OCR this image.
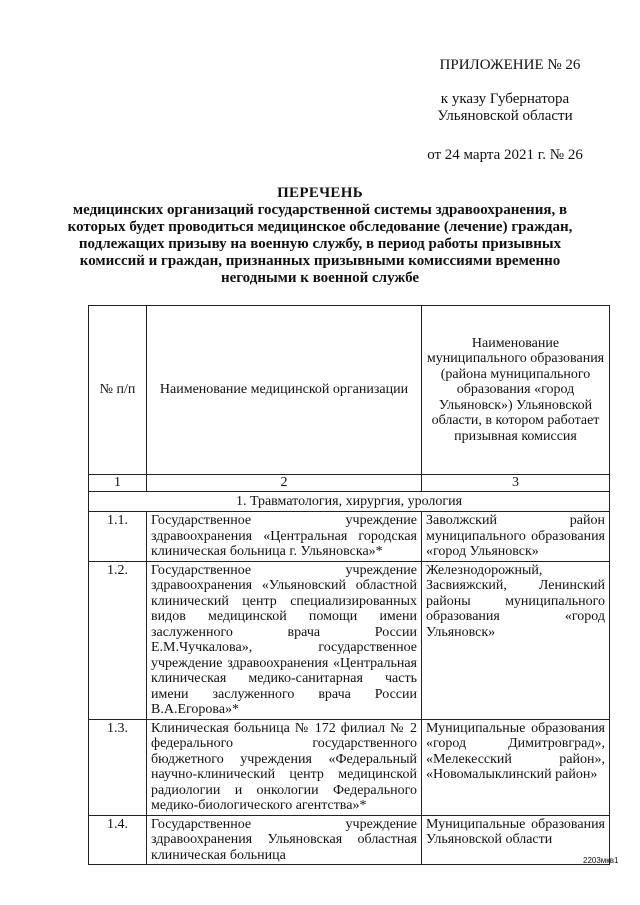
ПРИЛОЖЕНИЕ № 26
к указу Губернатора
Ульяновской области
от 24 марта 2021 г. № 26
ПЕРЕЧЕНЬ
медицинских организаций государственной системы здравоохранения, в которых будет проводиться медицинское обследование (лечение) граждан, подлежащих призыву на военную службу, в период работы призывных комиссий и граждан, признанных призывными комиссиями временно негодными к военной службе
№ п/п	Наименование медицинской организации	Наименование муниципального образования (района муниципального образования «город Ульяновск») Ульяновской области, в котором работает призывная комиссия
1	2	3
1. Травматология, хирургия, урология		
1.1.	Государственное учреждение здравоохранения «Центральная городская клиническая больница г. Ульяновска»*	Заволжский район муниципального образования «город Ульяновск»
1.2.	Государственное учреждение здравоохранения «Ульяновский областной клинический центр специализированных видов медицинской помощи имени заслуженного врача России Е.М.Чучкалова», государственное учреждение здравоохранения «Центральная клиническая медико-санитарная часть имени заслуженного врача России В.А.Егорова»*	Железнодорожный, Засвияжский, Ленинский районы муниципального образования «город Ульяновск»
1.3.	Клиническая больница № 172 филиал № 2 федерального государственного бюджетного учреждения «Федеральный научно-клинический центр медицинской радиологии и онкологии Федерального медико-биологического агентства»*	Муниципальные образования «город Димитровград», «Мелекесский район», «Новомалыклинский район»
1.4.	Государственное учреждение здравоохранения Ульяновская областная клиническая больница	Муниципальные образования Ульяновской области
2203мкв1
